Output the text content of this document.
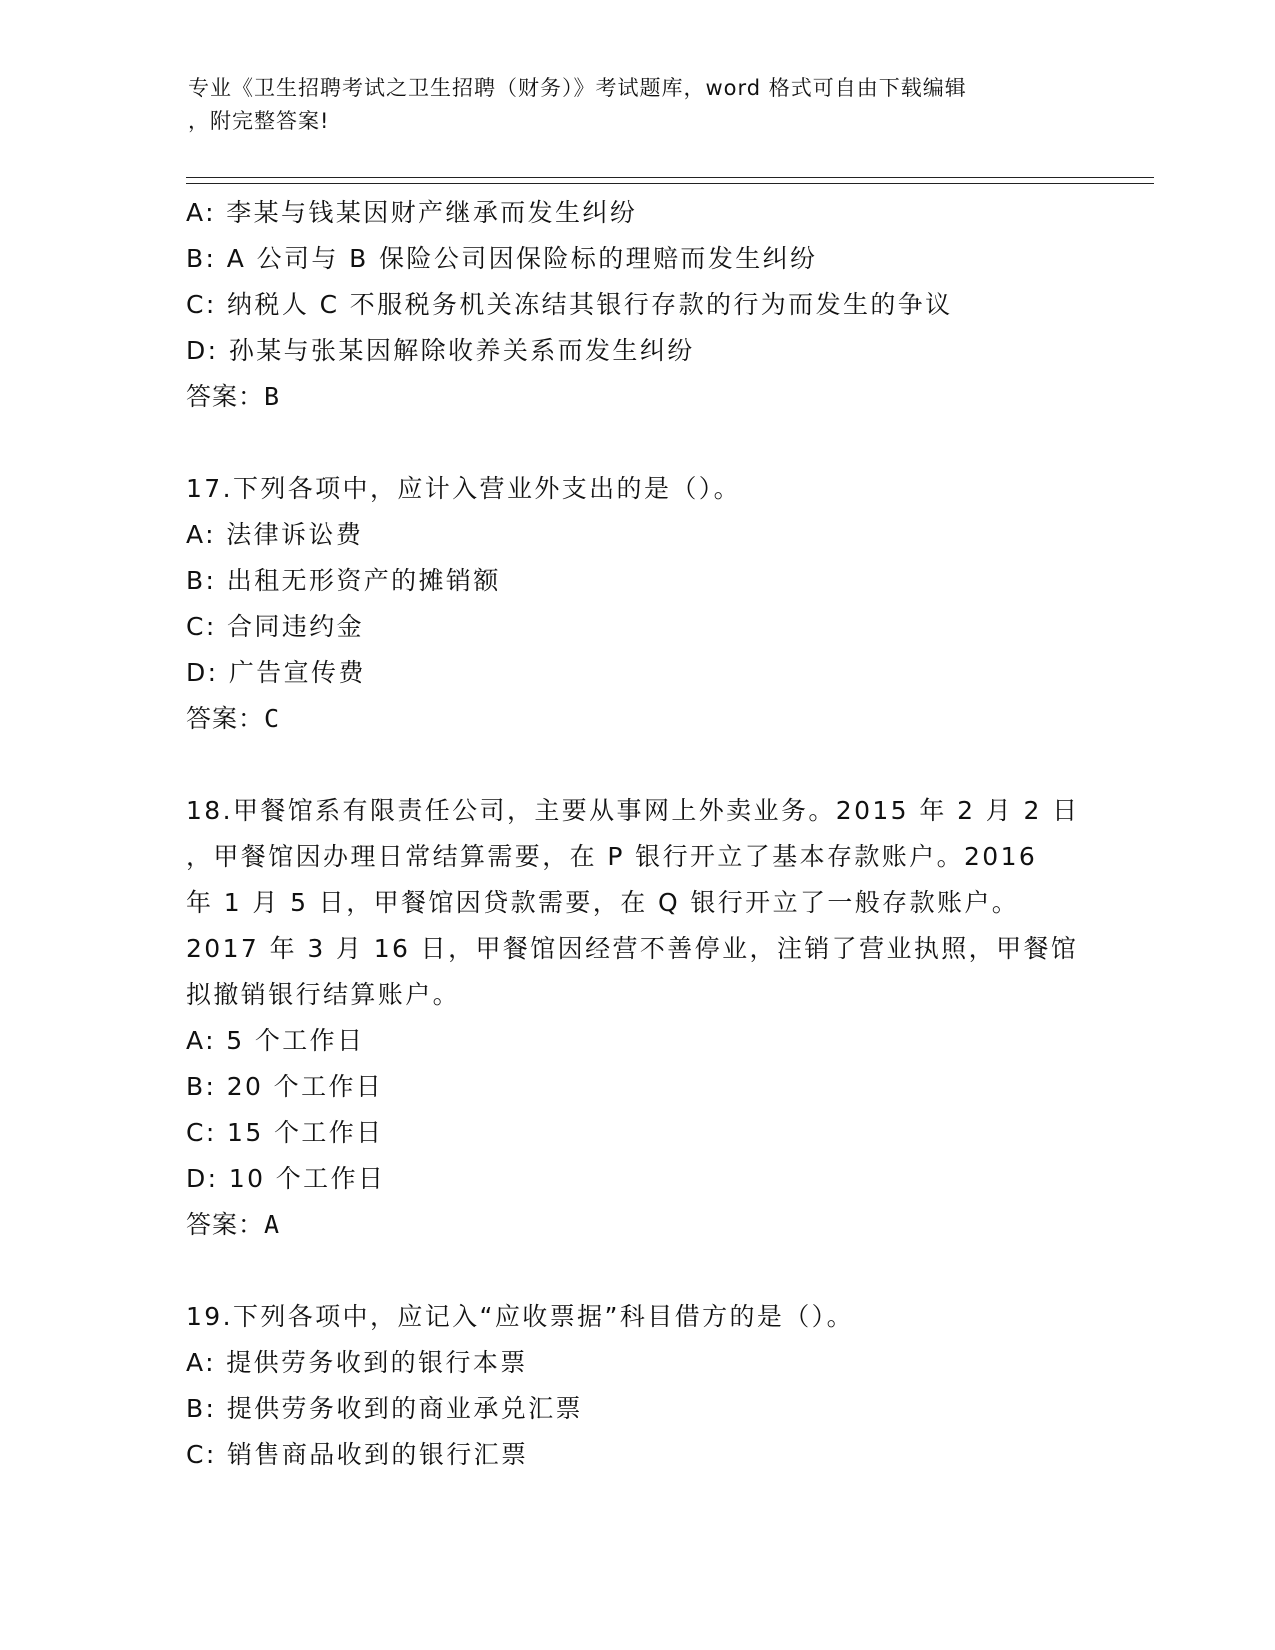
专业《卫生招聘考试之卫生招聘（财务）》考试题库，word 格式可自由下载编辑
，附完整答案!
A: 李某与钱某因财产继承而发生纠纷
B: A 公司与 B 保险公司因保险标的理赔而发生纠纷
C: 纳税人 C 不服税务机关冻结其银行存款的行为而发生的争议
D: 孙某与张某因解除收养关系而发生纠纷
答案：B
17.下列各项中，应计入营业外支出的是（）。
A: 法律诉讼费
B: 出租无形资产的摊销额
C: 合同违约金
D: 广告宣传费
答案：C
18.甲餐馆系有限责任公司，主要从事网上外卖业务。2015 年 2 月 2 日
，甲餐馆因办理日常结算需要，在 P 银行开立了基本存款账户。2016
年 1 月 5 日，甲餐馆因贷款需要，在 Q 银行开立了一般存款账户。
2017 年 3 月 16 日，甲餐馆因经营不善停业，注销了营业执照，甲餐馆
拟撤销银行结算账户。
A: 5 个工作日
B: 20 个工作日
C: 15 个工作日
D: 10 个工作日
答案：A
19.下列各项中，应记入“应收票据”科目借方的是（）。
A: 提供劳务收到的银行本票
B: 提供劳务收到的商业承兑汇票
C: 销售商品收到的银行汇票
